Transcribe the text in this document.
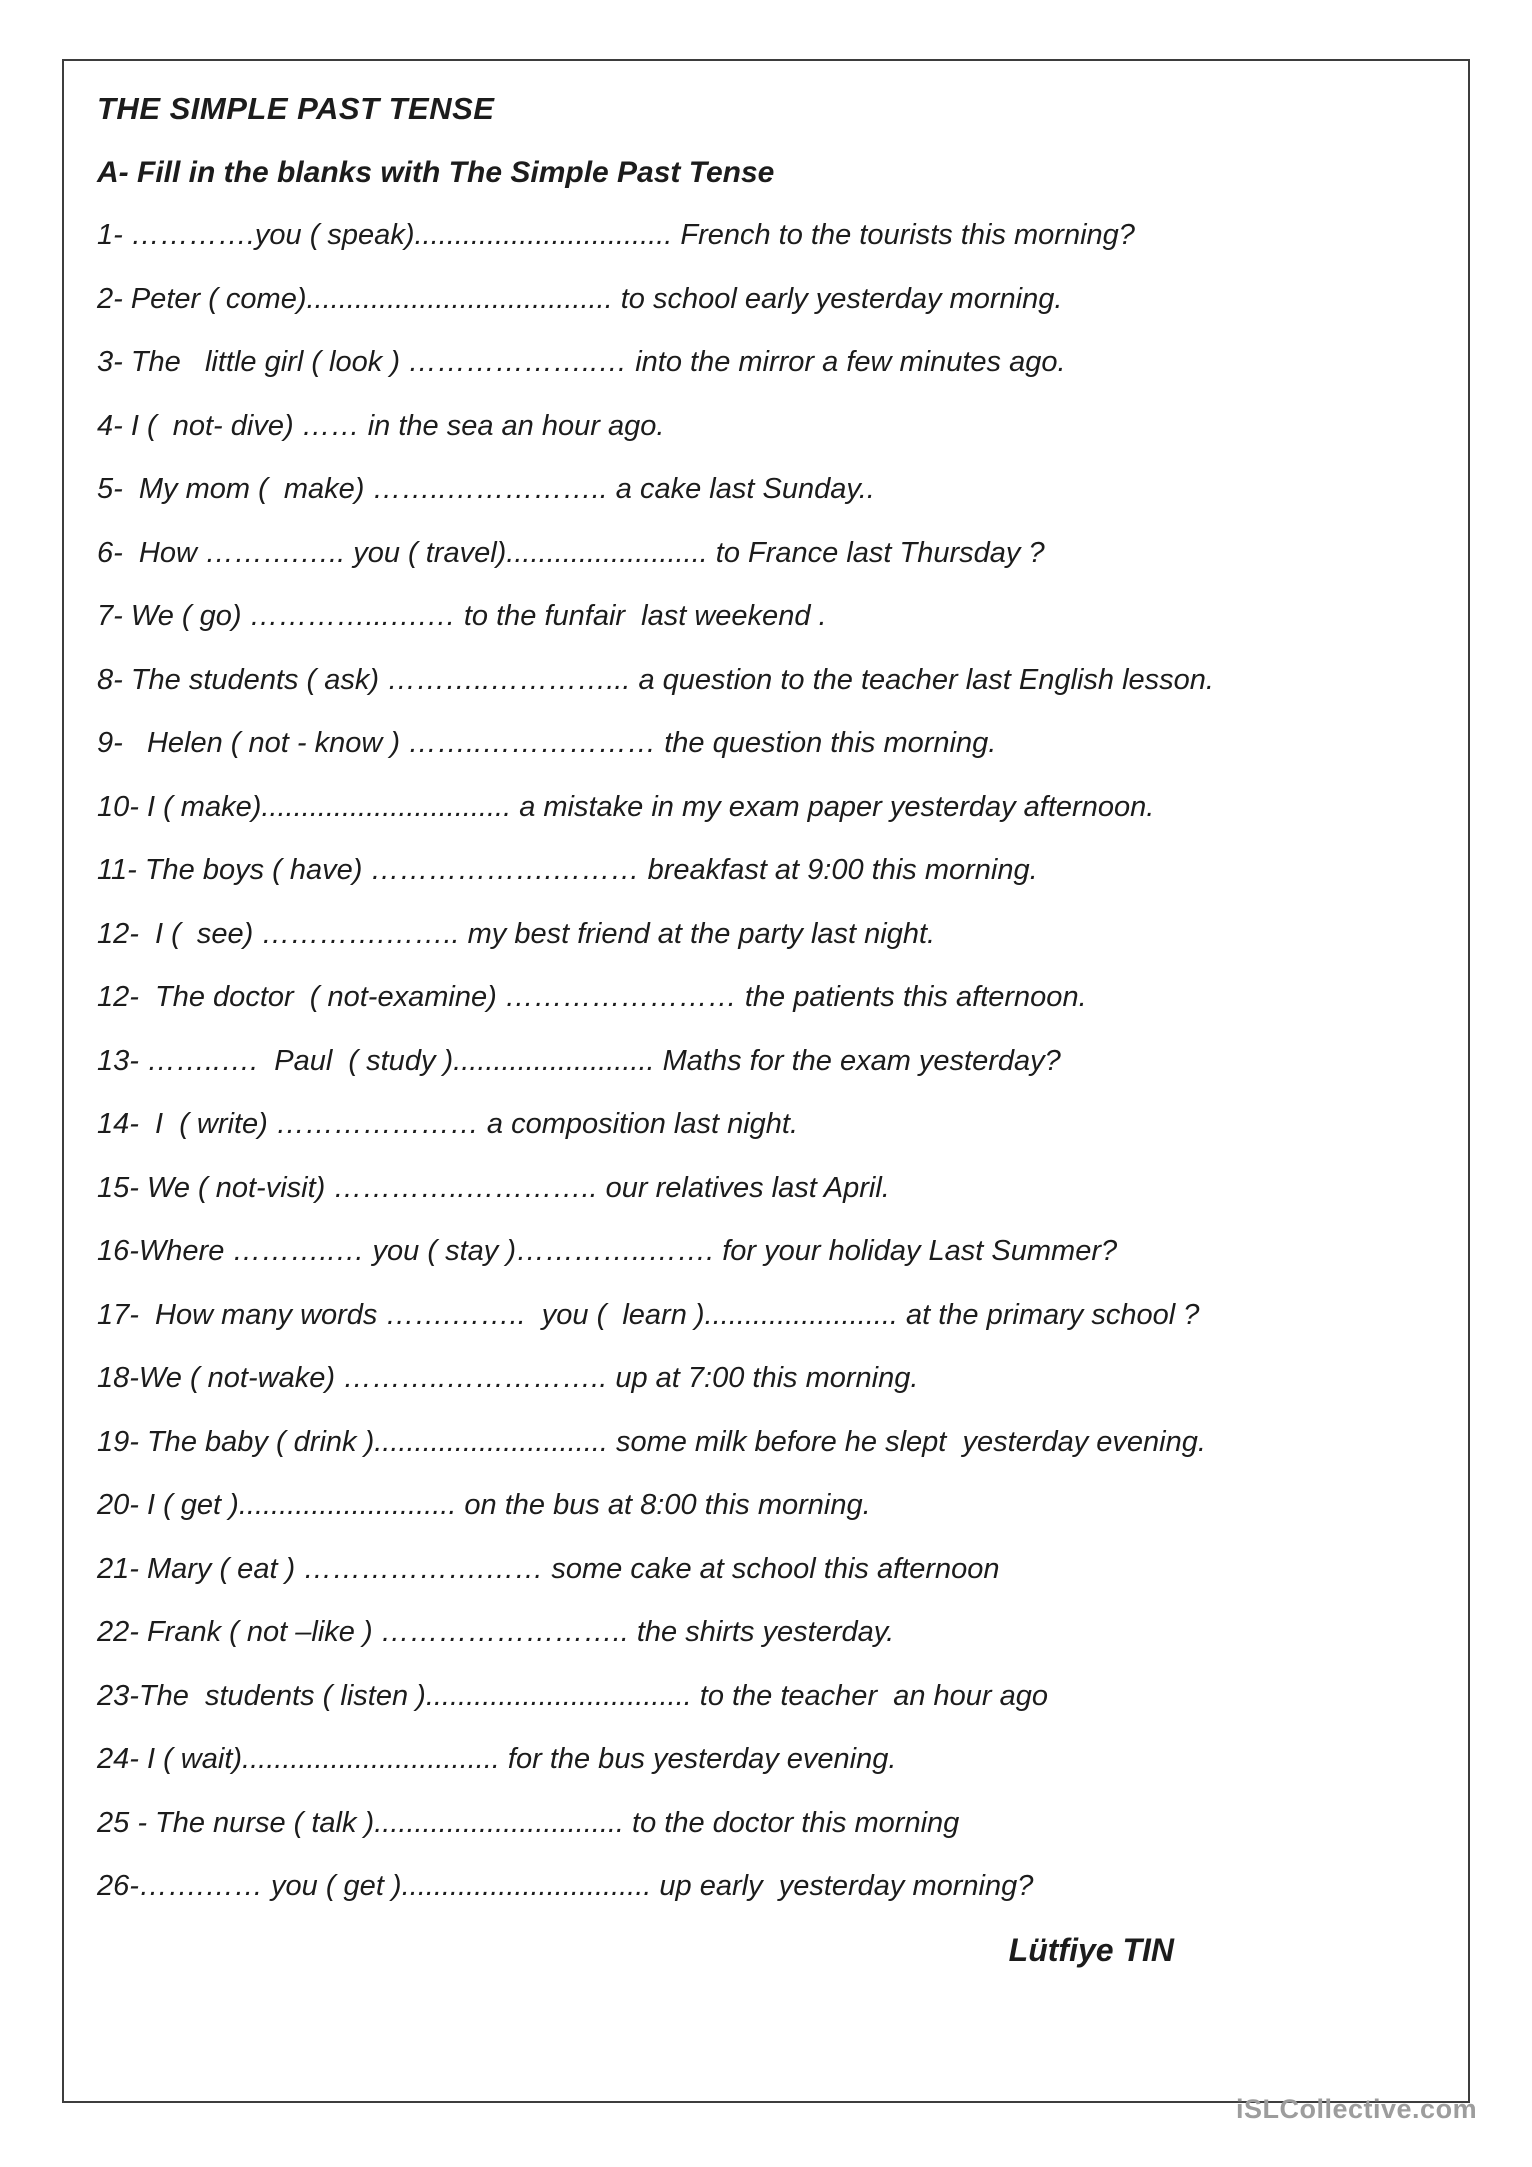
THE SIMPLE PAST TENSE

A- Fill in the blanks with The Simple Past Tense

1- ………….you ( speak)................................ French to the tourists this morning?

2- Peter ( come)...................................... to school early yesterday morning.

3- The   little girl ( look ) ………………..… into the mirror a few minutes ago.

4- I (  not- dive) …… in the sea an hour ago.

5-  My mom (  make) ……..…………….. a cake last Sunday..

6-  How ……….….. you ( travel)......................... to France last Thursday ?

7- We ( go) …………...….… to the funfair  last weekend .

8- The students ( ask) ………..…………... a question to the teacher last English lesson.

9-   Helen ( not - know ) ……..……………… the question this morning.

10- I ( make)............................... a mistake in my exam paper yesterday afternoon.

11- The boys ( have) ……………….……… breakfast at 9:00 this morning.

12-  I (  see) ………….…….. my best friend at the party last night.

12-  The doctor  ( not-examine) …………………… the patients this afternoon.

13- ……..….  Paul  ( study )......................... Maths for the exam yesterday?

14-  I  ( write) ………………… a composition last night.

15- We ( not-visit) …………..………….. our relatives last April.

16-Where ………..… you ( stay )…………..……. for your holiday Last Summer?

17-  How many words …….……..  you (  learn )........................ at the primary school ?

18-We ( not-wake) ………..…………….. up at 7:00 this morning.

19- The baby ( drink )............................. some milk before he slept  yesterday evening.

20- I ( get )........................... on the bus at 8:00 this morning.

21- Mary ( eat ) ……………….…… some cake at school this afternoon

22- Frank ( not –like ) …………………….. the shirts yesterday.

23-The  students ( listen )................................. to the teacher  an hour ago

24- I ( wait)................................ for the bus yesterday evening.

25 - The nurse ( talk )............................... to the doctor this morning

26-…….…… you ( get )............................... up early  yesterday morning?

Lütfiye TIN

iSLCollective.com
